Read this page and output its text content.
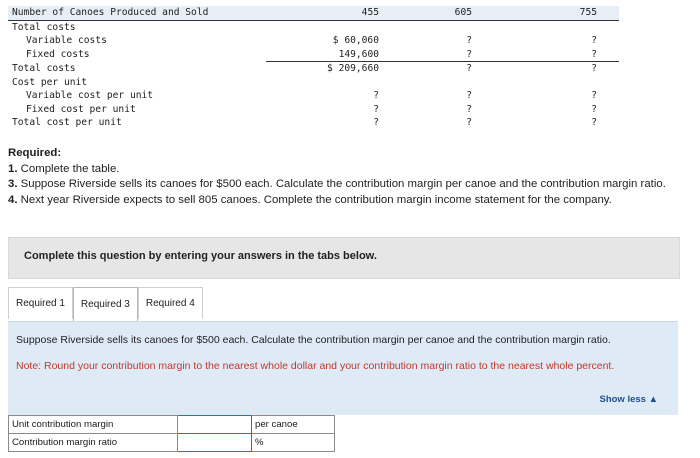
Number of Canoes Produced and Sold	455	605	755
Total costs			
Variable costs	$ 60,060	?	?
Fixed costs	149,600	?	?
Total costs	$ 209,660	?	?
Cost per unit			
Variable cost per unit	?	?	?
Fixed cost per unit	?	?	?
Total cost per unit	?	?	?

Required:

1. Complete the table.

3. Suppose Riverside sells its canoes for $500 each. Calculate the contribution margin per canoe and the contribution margin ratio.

4. Next year Riverside expects to sell 805 canoes. Complete the contribution margin income statement for the company.

Complete this question by entering your answers in the tabs below.
Required 1	Required 3	Required 4
Suppose Riverside sells its canoes for $500 each. Calculate the contribution margin per canoe and the contribution margin ratio.
Note: Round your contribution margin to the nearest whole dollar and your contribution margin ratio to the nearest whole percent.
Show less ▲
Unit contribution margin		per canoe
Contribution margin ratio		%
